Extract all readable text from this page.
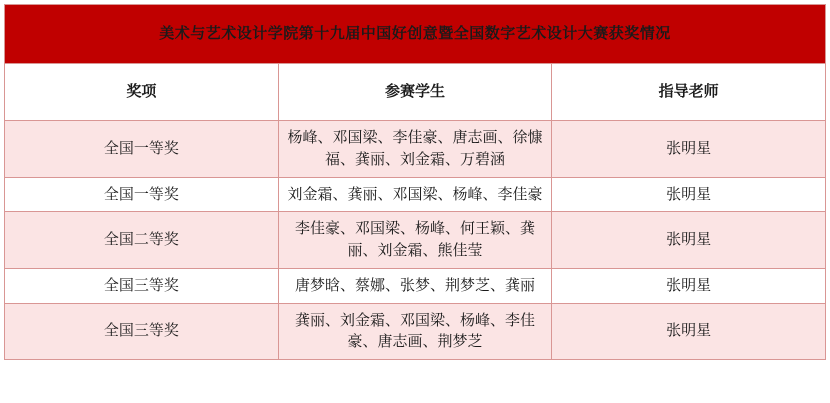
美术与艺术设计学院第十九届中国好创意暨全国数字艺术设计大赛获奖情况		
奖项	参赛学生	指导老师
全国一等奖	杨峰、邓国梁、李佳豪、唐志画、徐慷福、龚丽、刘金霜、万碧涵	张明星
全国一等奖	刘金霜、龚丽、邓国梁、杨峰、李佳豪	张明星
全国二等奖	李佳豪、邓国梁、杨峰、何王颖、龚丽、刘金霜、熊佳莹	张明星
全国三等奖	唐梦晗、蔡娜、张梦、荆梦芝、龚丽	张明星
全国三等奖	龚丽、刘金霜、邓国梁、杨峰、李佳豪、唐志画、荆梦芝	张明星
